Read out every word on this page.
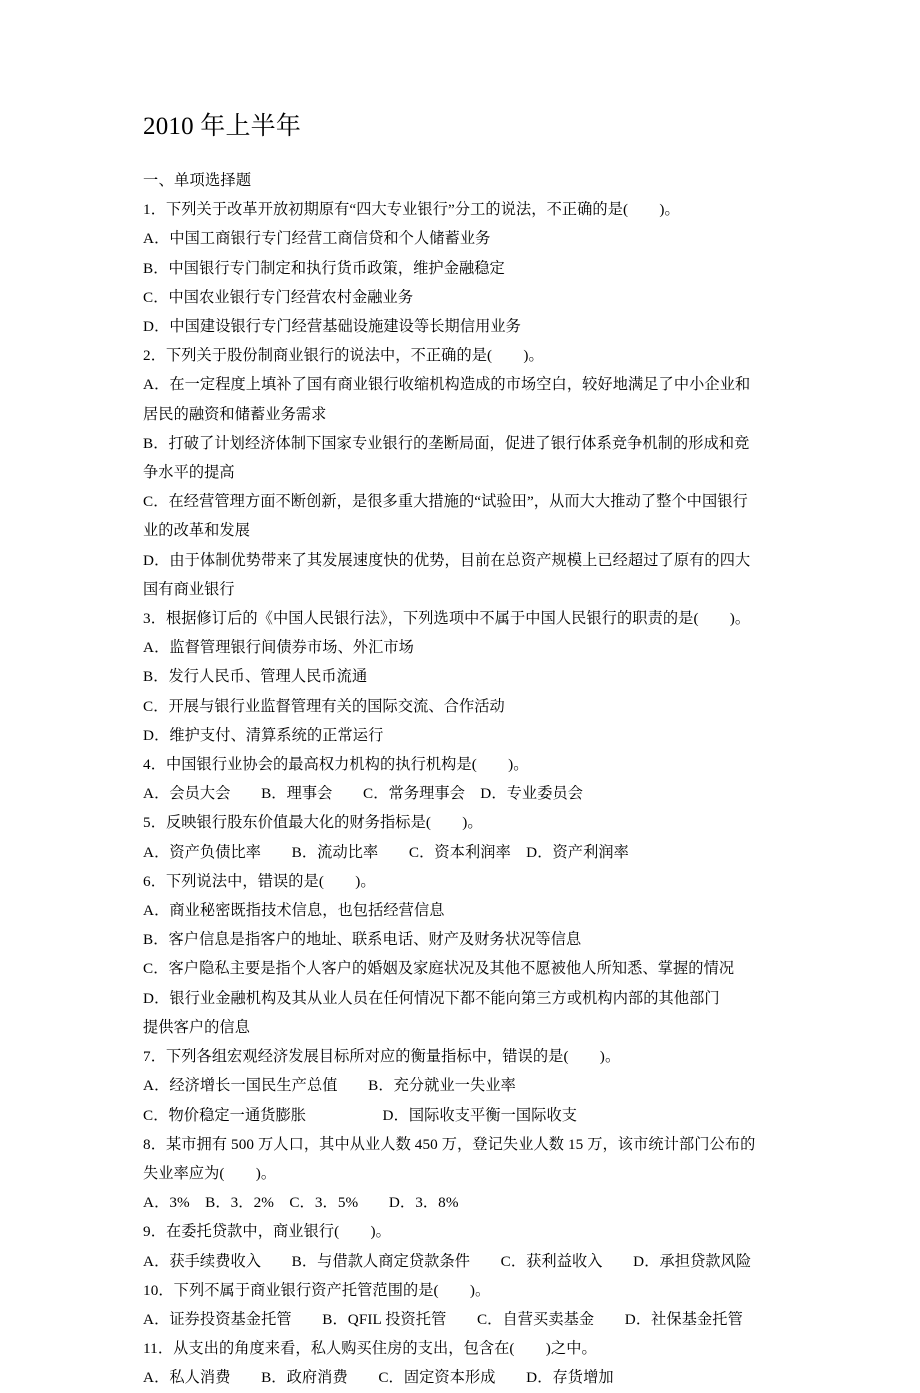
2010 年上半年

一、单项选择题

1．下列关于改革开放初期原有“四大专业银行”分工的说法，不正确的是(        )。

A．中国工商银行专门经营工商信贷和个人储蓄业务

B．中国银行专门制定和执行货币政策，维护金融稳定

C．中国农业银行专门经营农村金融业务

D．中国建设银行专门经营基础设施建设等长期信用业务

2．下列关于股份制商业银行的说法中，不正确的是(        )。

A．在一定程度上填补了国有商业银行收缩机构造成的市场空白，较好地满足了中小企业和

居民的融资和储蓄业务需求

B．打破了计划经济体制下国家专业银行的垄断局面，促进了银行体系竞争机制的形成和竞

争水平的提高

C．在经营管理方面不断创新，是很多重大措施的“试验田”，从而大大推动了整个中国银行

业的改革和发展

D．由于体制优势带来了其发展速度快的优势，目前在总资产规模上已经超过了原有的四大

国有商业银行

3．根据修订后的《中国人民银行法》，下列选项中不属于中国人民银行的职责的是(        )。

A．监督管理银行间债券市场、外汇市场

B．发行人民币、管理人民币流通

C．开展与银行业监督管理有关的国际交流、合作活动

D．维护支付、清算系统的正常运行

4．中国银行业协会的最高权力机构的执行机构是(        )。

A．会员大会　　B．理事会　　C．常务理事会　D．专业委员会

5．反映银行股东价值最大化的财务指标是(        )。

A．资产负债比率　　B．流动比率　　C．资本利润率　D．资产利润率

6．下列说法中，错误的是(        )。

A．商业秘密既指技术信息，也包括经营信息

B．客户信息是指客户的地址、联系电话、财产及财务状况等信息

C．客户隐私主要是指个人客户的婚姻及家庭状况及其他不愿被他人所知悉、掌握的情况

D．银行业金融机构及其从业人员在任何情况下都不能向第三方或机构内部的其他部门

提供客户的信息

7．下列各组宏观经济发展目标所对应的衡量指标中，错误的是(        )。

A．经济增长一国民生产总值　　B．充分就业一失业率

C．物价稳定一通货膨胀　　　　　D．国际收支平衡一国际收支

8．某市拥有 500 万人口，其中从业人数 450 万，登记失业人数 15 万，该市统计部门公布的

失业率应为(        )。

A．3%　B．3．2%　C．3．5%　　D．3．8%

9．在委托贷款中，商业银行(        )。

A．获手续费收入　　B．与借款人商定贷款条件　　C．获利益收入　　D．承担贷款风险

10．下列不属于商业银行资产托管范围的是(        )。

A．证券投资基金托管　　B．QFIL 投资托管　　C．自营买卖基金　　D．社保基金托管

11．从支出的角度来看，私人购买住房的支出，包含在(        )之中。

A．私人消费　　B．政府消费　　C．固定资本形成　　D．存货增加
